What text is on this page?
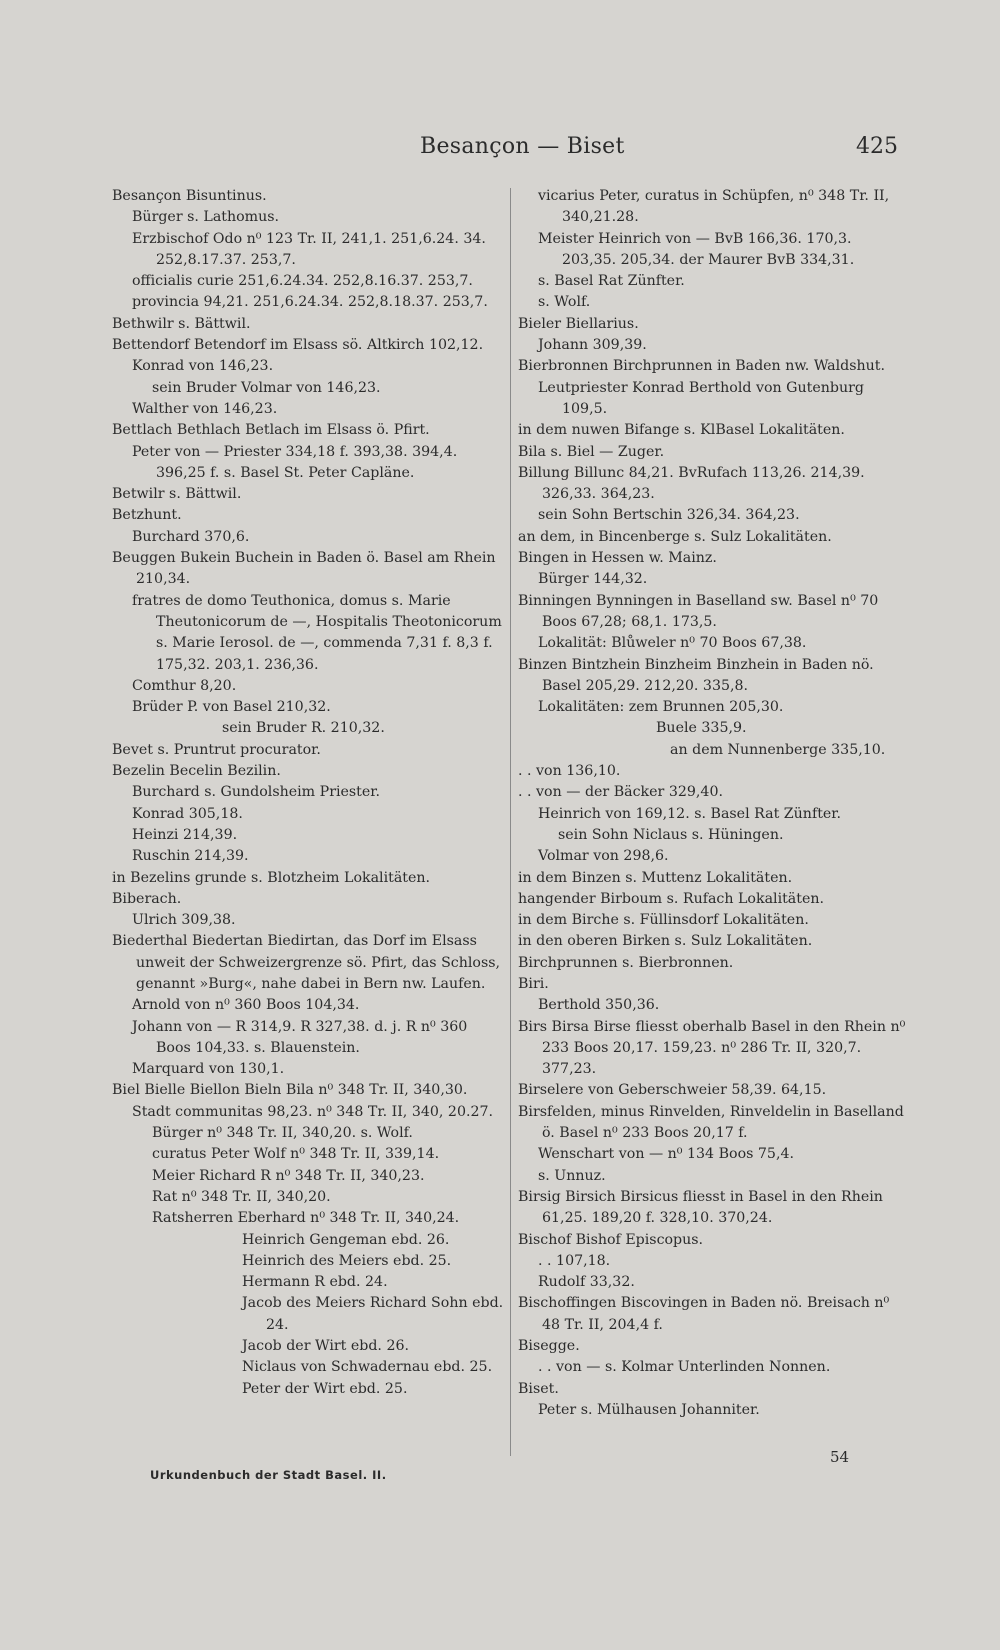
Besançon — Biset	425
Besançon Bisuntinus.
Bürger s. Lathomus.
Erzbischof Odo n⁰ 123 Tr. II, 241,1. 251,6.24. 34. 252,8.17.37. 253,7.
officialis curie 251,6.24.34. 252,8.16.37. 253,7.
provincia 94,21. 251,6.24.34. 252,8.18.37. 253,7.
Bethwilr s. Bättwil.
Bettendorf Betendorf im Elsass sö. Altkirch 102,12.
Konrad von 146,23.
sein Bruder Volmar von 146,23.
Walther von 146,23.
Bettlach Bethlach Betlach im Elsass ö. Pfirt.
Peter von — Priester 334,18 f. 393,38. 394,4. 396,25 f. s. Basel St. Peter Capläne.
Betwilr s. Bättwil.
Betzhunt.
Burchard 370,6.
Beuggen Bukein Buchein in Baden ö. Basel am Rhein 210,34.
fratres de domo Teuthonica, domus s. Marie Theutonicorum de —, Hospitalis Theotonicorum s. Marie Ierosol. de —, commenda 7,31 f. 8,3 f. 175,32. 203,1. 236,36.
Comthur 8,20.
Brüder P. von Basel 210,32.
sein Bruder R. 210,32.
Bevet s. Pruntrut procurator.
Bezelin Becelin Bezilin.
Burchard s. Gundolsheim Priester.
Konrad 305,18.
Heinzi 214,39.
Ruschin 214,39.
in Bezelins grunde s. Blotzheim Lokalitäten.
Biberach.
Ulrich 309,38.
Biederthal Biedertan Biedirtan, das Dorf im Elsass unweit der Schweizergrenze sö. Pfirt, das Schloss, genannt »Burg«, nahe dabei in Bern nw. Laufen.
Arnold von n⁰ 360 Boos 104,34.
Johann von — R 314,9. R 327,38. d. j. R n⁰ 360 Boos 104,33. s. Blauenstein.
Marquard von 130,1.
Biel Bielle Biellon Bieln Bila n⁰ 348 Tr. II, 340,30.
Stadt communitas 98,23. n⁰ 348 Tr. II, 340, 20.27.
Bürger n⁰ 348 Tr. II, 340,20. s. Wolf.
curatus Peter Wolf n⁰ 348 Tr. II, 339,14.
Meier Richard R n⁰ 348 Tr. II, 340,23.
Rat n⁰ 348 Tr. II, 340,20.
Ratsherren Eberhard n⁰ 348 Tr. II, 340,24.
Heinrich Gengeman ebd. 26.
Heinrich des Meiers ebd. 25.
Hermann R ebd. 24.
Jacob des Meiers Richard Sohn ebd. 24.
Jacob der Wirt ebd. 26.
Niclaus von Schwadernau ebd. 25.
Peter der Wirt ebd. 25.
vicarius Peter, curatus in Schüpfen, n⁰ 348 Tr. II, 340,21.28.
Meister Heinrich von — BvB 166,36. 170,3. 203,35. 205,34. der Maurer BvB 334,31.
s. Basel Rat Zünfter.
s. Wolf.
Bieler Biellarius.
Johann 309,39.
Bierbronnen Birchprunnen in Baden nw. Waldshut.
Leutpriester Konrad Berthold von Gutenburg 109,5.
in dem nuwen Bifange s. KlBasel Lokalitäten.
Bila s. Biel — Zuger.
Billung Billunc 84,21. BvRufach 113,26. 214,39. 326,33. 364,23.
sein Sohn Bertschin 326,34. 364,23.
an dem, in Bincenberge s. Sulz Lokalitäten.
Bingen in Hessen w. Mainz.
Bürger 144,32.
Binningen Bynningen in Baselland sw. Basel n⁰ 70 Boos 67,28; 68,1. 173,5.
Lokalität: Blůweler n⁰ 70 Boos 67,38.
Binzen Bintzhein Binzheim Binzhein in Baden nö. Basel 205,29. 212,20. 335,8.
Lokalitäten: zem Brunnen 205,30.
Buele 335,9.
an dem Nunnenberge 335,10.
. . von 136,10.
. . von — der Bäcker 329,40.
Heinrich von 169,12. s. Basel Rat Zünfter.
sein Sohn Niclaus s. Hüningen.
Volmar von 298,6.
in dem Binzen s. Muttenz Lokalitäten.
hangender Birboum s. Rufach Lokalitäten.
in dem Birche s. Füllinsdorf Lokalitäten.
in den oberen Birken s. Sulz Lokalitäten.
Birchprunnen s. Bierbronnen.
Biri.
Berthold 350,36.
Birs Birsa Birse fliesst oberhalb Basel in den Rhein n⁰ 233 Boos 20,17. 159,23. n⁰ 286 Tr. II, 320,7. 377,23.
Birselere von Geberschweier 58,39. 64,15.
Birsfelden, minus Rinvelden, Rinveldelin in Baselland ö. Basel n⁰ 233 Boos 20,17 f.
Wenschart von — n⁰ 134 Boos 75,4.
s. Unnuz.
Birsig Birsich Birsicus fliesst in Basel in den Rhein 61,25. 189,20 f. 328,10. 370,24.
Bischof Bishof Episcopus.
. . 107,18.
Rudolf 33,32.
Bischoffingen Biscovingen in Baden nö. Breisach n⁰ 48 Tr. II, 204,4 f.
Bisegge.
. . von — s. Kolmar Unterlinden Nonnen.
Biset.
Peter s. Mülhausen Johanniter.
Urkundenbuch der Stadt Basel. II.
54
